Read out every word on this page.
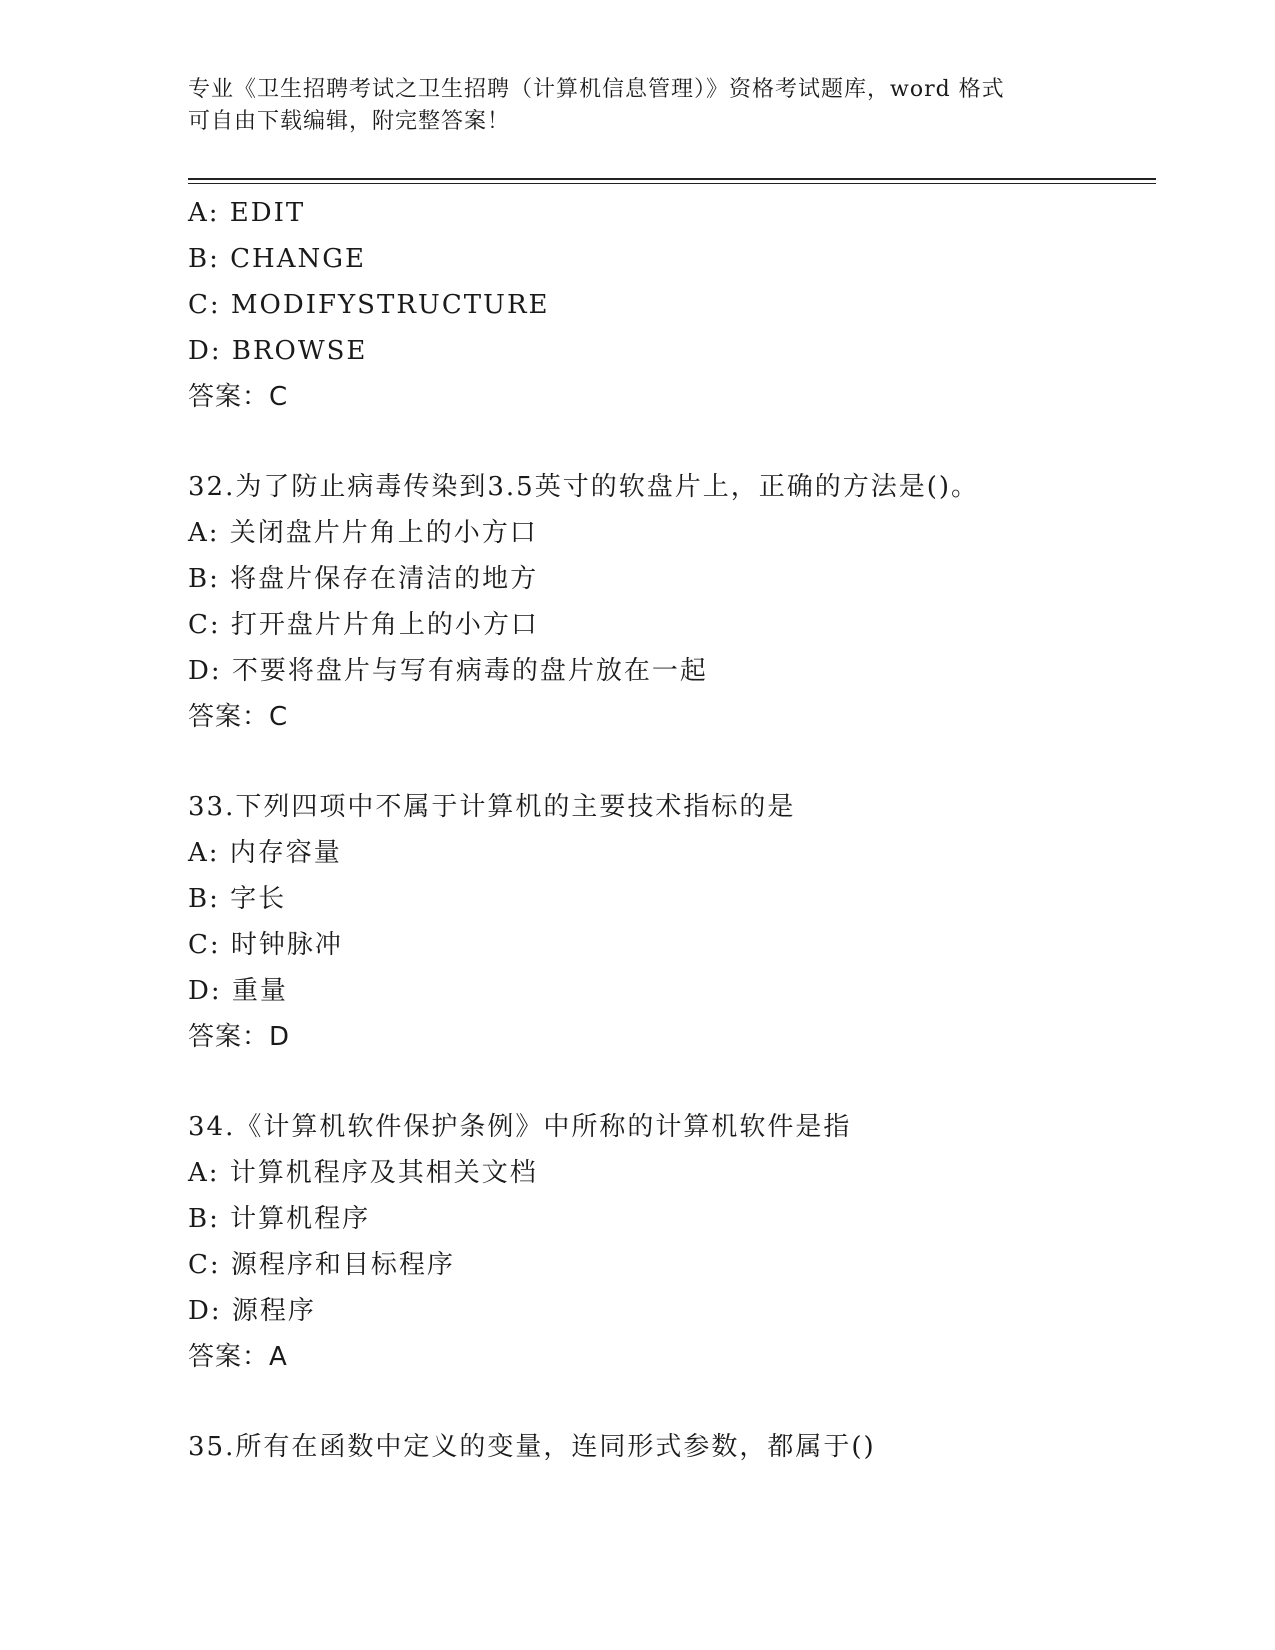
专业《卫生招聘考试之卫生招聘（计算机信息管理）》资格考试题库，word 格式
可自由下载编辑，附完整答案！
A: EDIT
B: CHANGE
C: MODIFYSTRUCTURE
D: BROWSE
答案：C
32.为了防止病毒传染到3.5英寸的软盘片上，正确的方法是()。
A: 关闭盘片片角上的小方口
B: 将盘片保存在清洁的地方
C: 打开盘片片角上的小方口
D: 不要将盘片与写有病毒的盘片放在一起
答案：C
33.下列四项中不属于计算机的主要技术指标的是
A: 内存容量
B: 字长
C: 时钟脉冲
D: 重量
答案：D
34.《计算机软件保护条例》中所称的计算机软件是指
A: 计算机程序及其相关文档
B: 计算机程序
C: 源程序和目标程序
D: 源程序
答案：A
35.所有在函数中定义的变量，连同形式参数，都属于()
